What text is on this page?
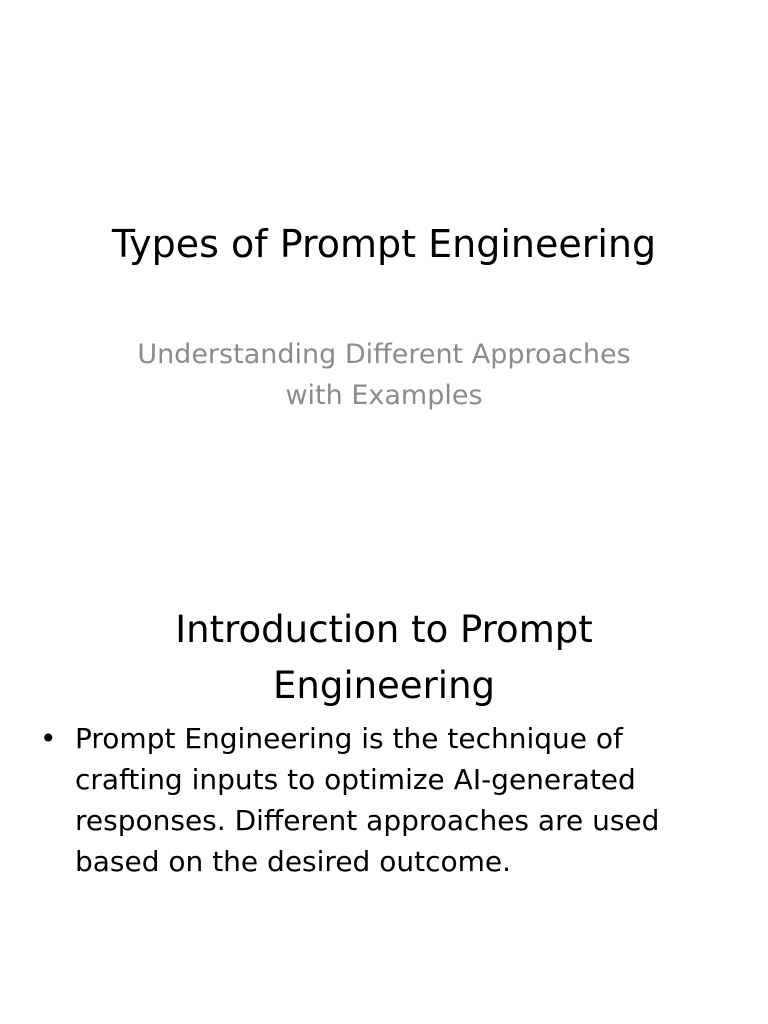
Types of Prompt Engineering

Understanding Different Approaches with Examples

Introduction to Prompt Engineering
• Prompt Engineering is the technique of crafting inputs to optimize AI-generated responses. Different approaches are used based on the desired outcome.
